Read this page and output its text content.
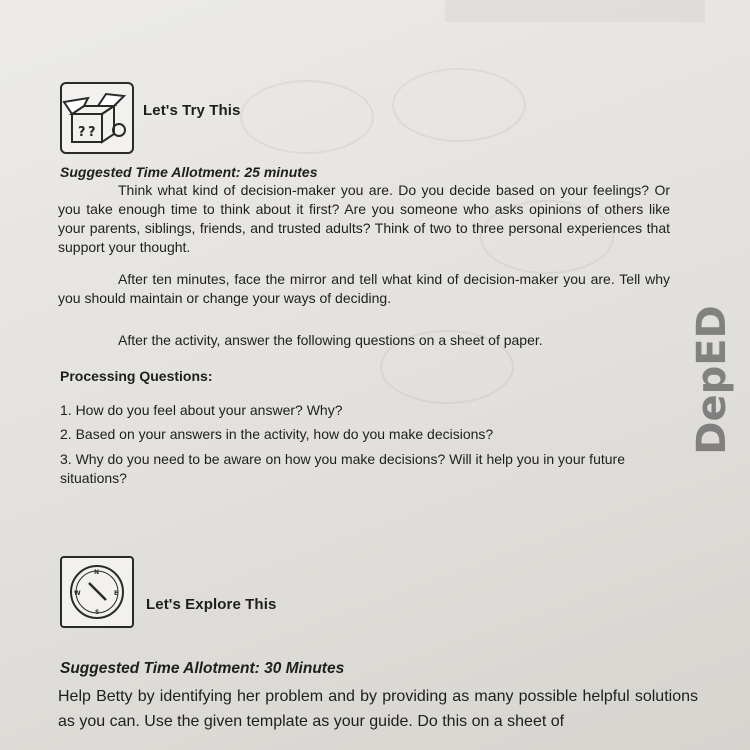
? ?
Let's Try This
Suggested Time Allotment: 25 minutes

Think what kind of decision-maker you are. Do you decide based on your feelings? Or you take enough time to think about it first? Are you someone who asks opinions of others like your parents, siblings, friends, and trusted adults? Think of two to three personal experiences that support your thought.

After ten minutes, face the mirror and tell what kind of decision-maker you are. Tell why you should maintain or change your ways of deciding.

After the activity, answer the following questions on a sheet of paper.

Processing Questions:

1. How do you feel about your answer? Why?

2. Based on your answers in the activity, how do you make decisions?

3. Why do you need to be aware on how you make decisions? Will it help you in your future situations?

N
E
S
W
Let's Explore This
Suggested Time Allotment: 30 Minutes

Help Betty by identifying her problem and by providing as many possible helpful solutions as you can. Use the given template as your guide. Do this on a sheet of

DepED
